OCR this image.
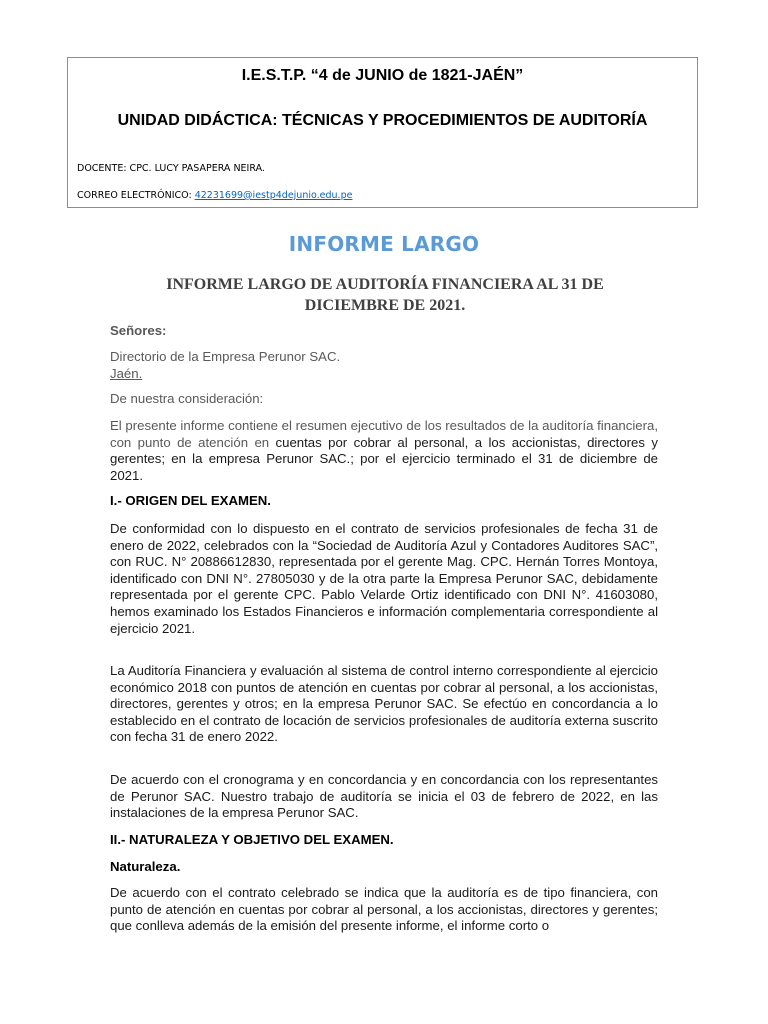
I.E.S.T.P. “4 de JUNIO de 1821-JAÉN”
UNIDAD DIDÁCTICA: TÉCNICAS Y PROCEDIMIENTOS DE AUDITORÍA
DOCENTE: CPC. LUCY PASAPERA NEIRA.
CORREO ELECTRÓNICO: 42231699@iestp4dejunio.edu.pe
INFORME LARGO
INFORME LARGO DE AUDITORÍA FINANCIERA AL 31 DE DICIEMBRE DE 2021.
Señores:
Directorio de la Empresa Perunor SAC.
Jaén.
De nuestra consideración:
El presente informe contiene el resumen ejecutivo de los resultados de la auditoría financiera, con punto de atención en cuentas por cobrar al personal, a los accionistas, directores y gerentes; en la empresa Perunor SAC.; por el ejercicio terminado el 31 de diciembre de 2021.
I.- ORIGEN DEL EXAMEN.
De conformidad con lo dispuesto en el contrato de servicios profesionales de fecha 31 de enero de 2022, celebrados con la “Sociedad de Auditoría Azul y Contadores Auditores SAC”, con RUC. N° 20886612830, representada por el gerente Mag. CPC. Hernán Torres Montoya, identificado con DNI N°. 27805030 y de la otra parte la Empresa Perunor SAC, debidamente representada por el gerente CPC. Pablo Velarde Ortiz identificado con DNI N°. 41603080, hemos examinado los Estados Financieros e información complementaria correspondiente al ejercicio 2021.
La Auditoría Financiera y evaluación al sistema de control interno correspondiente al ejercicio económico 2018 con puntos de atención en cuentas por cobrar al personal, a los accionistas, directores, gerentes y otros; en la empresa Perunor SAC. Se efectúo en concordancia a lo establecido en el contrato de locación de servicios profesionales de auditoría externa suscrito con fecha 31 de enero 2022.
De acuerdo con el cronograma y en concordancia y en concordancia con los representantes de Perunor SAC. Nuestro trabajo de auditoría se inicia el 03 de febrero de 2022, en las instalaciones de la empresa Perunor SAC.
II.- NATURALEZA Y OBJETIVO DEL EXAMEN.
Naturaleza.
De acuerdo con el contrato celebrado se indica que la auditoría es de tipo financiera, con punto de atención en cuentas por cobrar al personal, a los accionistas, directores y gerentes; que conlleva además de la emisión del presente informe, el informe corto o
